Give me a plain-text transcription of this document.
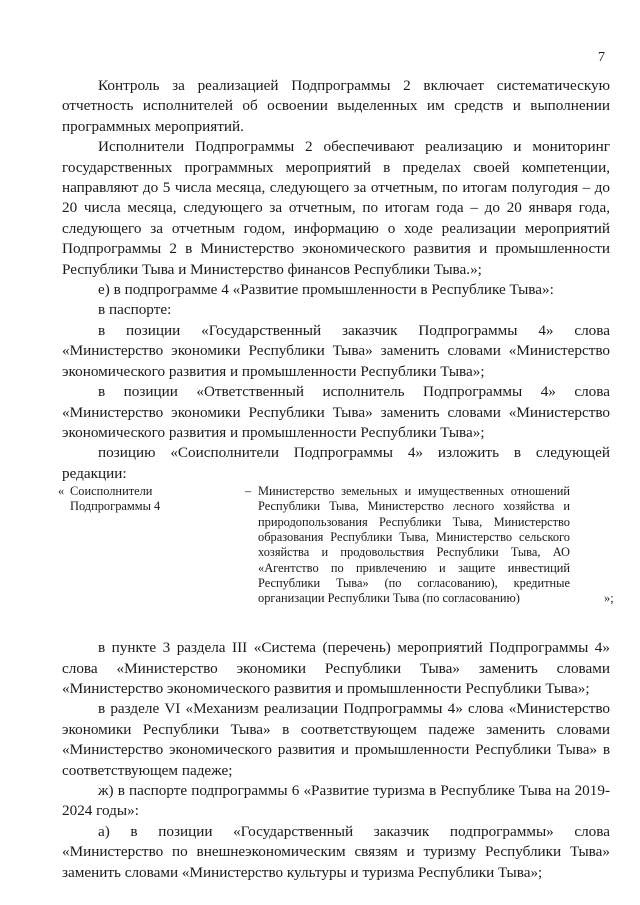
7

Контроль за реализацией Подпрограммы 2 включает систематическую отчетность исполнителей об освоении выделенных им средств и выполнении программных мероприятий.

Исполнители Подпрограммы 2 обеспечивают реализацию и мониторинг государственных программных мероприятий в пределах своей компетенции, направляют до 5 числа месяца, следующего за отчетным, по итогам полугодия – до 20 числа месяца, следующего за отчетным, по итогам года – до 20 января года, следующего за отчетным годом, информацию о ходе реализации мероприятий Подпрограммы 2 в Министерство экономического развития и промышленности Республики Тыва и Министерство финансов Республики Тыва.»;

е) в подпрограмме 4 «Развитие промышленности в Республике Тыва»:

в паспорте:

в позиции «Государственный заказчик Подпрограммы 4» слова «Министерство экономики Республики Тыва» заменить словами «Министерство экономического развития и промышленности Республики Тыва»;

в позиции «Ответственный исполнитель Подпрограммы 4» слова «Министерство экономики Республики Тыва» заменить словами «Министерство экономического развития и промышленности Республики Тыва»;

позицию «Соисполнители Подпрограммы 4» изложить в следующей редакции:

« Соисполнители Подпрограммы 4
– Министерство земельных и имущественных отношений Республики Тыва, Министерство лесного хозяйства и природопользования Республики Тыва, Министерство образования Республики Тыва, Министерство сельского хозяйства и продовольствия Республики Тыва, АО «Агентство по привлечению и защите инвестиций Республики Тыва» (по согласованию), кредитные организации Республики Тыва (по согласованию)	»;

в пункте 3 раздела III «Система (перечень) мероприятий Подпрограммы 4» слова «Министерство экономики Республики Тыва» заменить словами «Министерство экономического развития и промышленности Республики Тыва»;

в разделе VI «Механизм реализации Подпрограммы 4» слова «Министерство экономики Республики Тыва» в соответствующем падеже заменить словами «Министерство экономического развития и промышленности Республики Тыва» в соответствующем падеже;

ж) в паспорте подпрограммы 6 «Развитие туризма в Республике Тыва на 2019-2024 годы»:

а) в позиции «Государственный заказчик подпрограммы» слова «Министерство по внешнеэкономическим связям и туризму Республики Тыва» заменить словами «Министерство культуры и туризма Республики Тыва»;
